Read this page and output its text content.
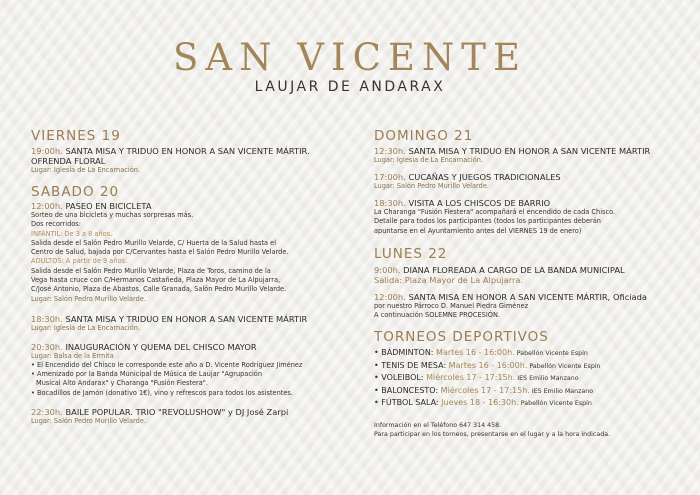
SAN VICENTE
LAUJAR DE ANDARAX
VIERNES 19
19:00h. SANTA MISA Y TRIDUO EN HONOR A SAN VICENTE MÁRTIR.
OFRENDA FLORAL
Lugar: Iglesia de La Encarnación.
SABADO 20
12:00h. PASEO EN BICICLETA
Sorteo de una bicicleta y muchas sorpresas más.
Dos recorridos:
INFANTIL: De 3 a 8 años.
Salida desde el Salón Pedro Murillo Velarde, C/ Huerta de la Salud hasta el
Centro de Salud, bajada por C/Cervantes hasta el Salón Pedro Murillo Velarde.
ADULTOS: A partir de 9 años.
Salida desde el Salón Pedro Murillo Velarde, Plaza de Toros, camino de la
Vega hasta cruce con C/Hermanos Castañeda, Plaza Mayor de La Alpujarra,
C/José Antonio, Plaza de Abastos, Calle Granada, Salón Pedro Murillo Velarde.
Lugar: Salón Pedro Murillo Velarde.
18:30h. SANTA MISA Y TRIDUO EN HONOR A SAN VICENTE MÁRTIR
Lugar: Iglesia de La Encarnación.
20:30h. INAUGURACIÓN Y QUEMA DEL CHISCO MAYOR
Lugar: Balsa de la Ermita
• El Encendido del Chisco le corresponde este año a D. Vicente Rodríguez Jiménez
• Amenizado por la Banda Municipal de Música de Laujar "Agrupación
Musical Alto Andarax" y Charanga "Fusión Fiestera".
• Bocadillos de Jamón (donativo 1€), vino y refrescos para todos los asistentes.
22:30h. BAILE POPULAR. TRIO "REVOLUSHOW" y DJ José Zarpi
Lugar: Salón Pedro Murillo Velarde.
DOMINGO 21
12:30h. SANTA MISA Y TRIDUO EN HONOR A SAN VICENTE MÁRTIR
Lugar: Iglesia de La Encarnación.
17:00h. CUCAÑAS Y JUEGOS TRADICIONALES
Lugar: Salón Pedro Murillo Velarde.
18:30h. VISITA A LOS CHISCOS DE BARRIO
La Charanga "Fusión Fiestera" acompañará el encendido de cada Chisco.
Detalle para todos los participantes (todos los participantes deberán
apuntarse en el Ayuntamiento antes del VIERNES 19 de enero)
LUNES 22
9:00h. DIANA FLOREADA A CARGO DE LA BANDA MUNICIPAL
Salida: Plaza Mayor de La Alpujarra.
12:00h. SANTA MISA EN HONOR A SAN VICENTE MÁRTIR, Oficiada
por nuestro Párroco D. Manuel Piedra Giménez
A continuación SOLEMNE PROCESIÓN.
TORNEOS DEPORTIVOS
• BÁDMINTON: Martes 16 - 16:00h. Pabellón Vicente Espín
• TENIS DE MESA: Martes 16 - 16:00h. Pabellón Vicente Espín
• VOLEIBOL: Miércoles 17 - 17:15h. IES Emilio Manzano
• BALONCESTO: Miércoles 17 - 17:15h. IES Emilio Manzano
• FÚTBOL SALA: Jueves 18 - 16:30h. Pabellón Vicente Espín
Información en el Teléfono 647 314 458.
Para participar en los torneos, presentarse en el lugar y a la hora indicada.
